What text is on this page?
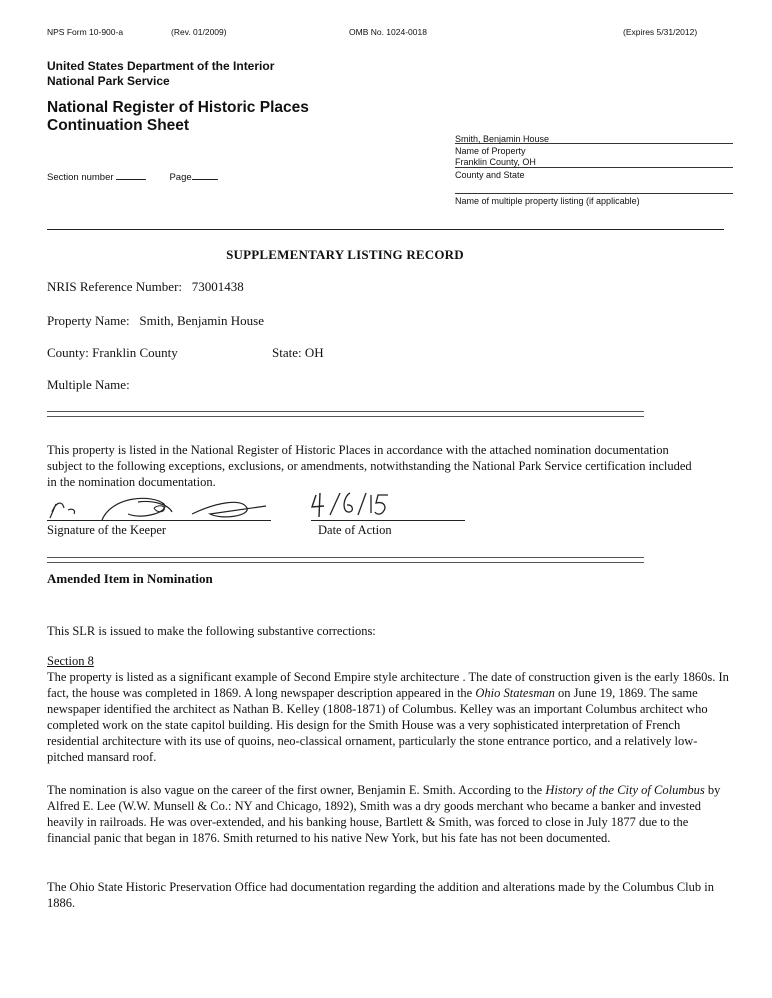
NPS Form 10-900-a	(Rev. 01/2009)	OMB No. 1024-0018	(Expires 5/31/2012)
United States Department of the Interior
National Park Service
National Register of Historic Places
Continuation Sheet
Section number	Page
Smith, Benjamin House
Name of Property
Franklin County, OH
County and State
Name of multiple property listing (if applicable)
SUPPLEMENTARY LISTING RECORD
NRIS Reference Number: 73001438
Property Name: Smith, Benjamin House
County: Franklin County	State: OH
Multiple Name:
This property is listed in the National Register of Historic Places in accordance with the attached nomination documentation subject to the following exceptions, exclusions, or amendments, notwithstanding the National Park Service certification included in the nomination documentation.
Signature of the Keeper	Date of Action
Amended Item in Nomination
This SLR is issued to make the following substantive corrections:
Section 8
The property is listed as a significant example of Second Empire style architecture . The date of construction given is the early 1860s. In fact, the house was completed in 1869. A long newspaper description appeared in the Ohio Statesman on June 19, 1869. The same newspaper identified the architect as Nathan B. Kelley (1808-1871) of Columbus. Kelley was an important Columbus architect who completed work on the state capitol building. His design for the Smith House was a very sophisticated interpretation of French residential architecture with its use of quoins, neo-classical ornament, particularly the stone entrance portico, and a relatively low-pitched mansard roof.
The nomination is also vague on the career of the first owner, Benjamin E. Smith. According to the History of the City of Columbus by Alfred E. Lee (W.W. Munsell & Co.: NY and Chicago, 1892), Smith was a dry goods merchant who became a banker and invested heavily in railroads. He was over-extended, and his banking house, Bartlett & Smith, was forced to close in July 1877 due to the financial panic that began in 1876. Smith returned to his native New York, but his fate has not been documented.
The Ohio State Historic Preservation Office had documentation regarding the addition and alterations made by the Columbus Club in 1886.
